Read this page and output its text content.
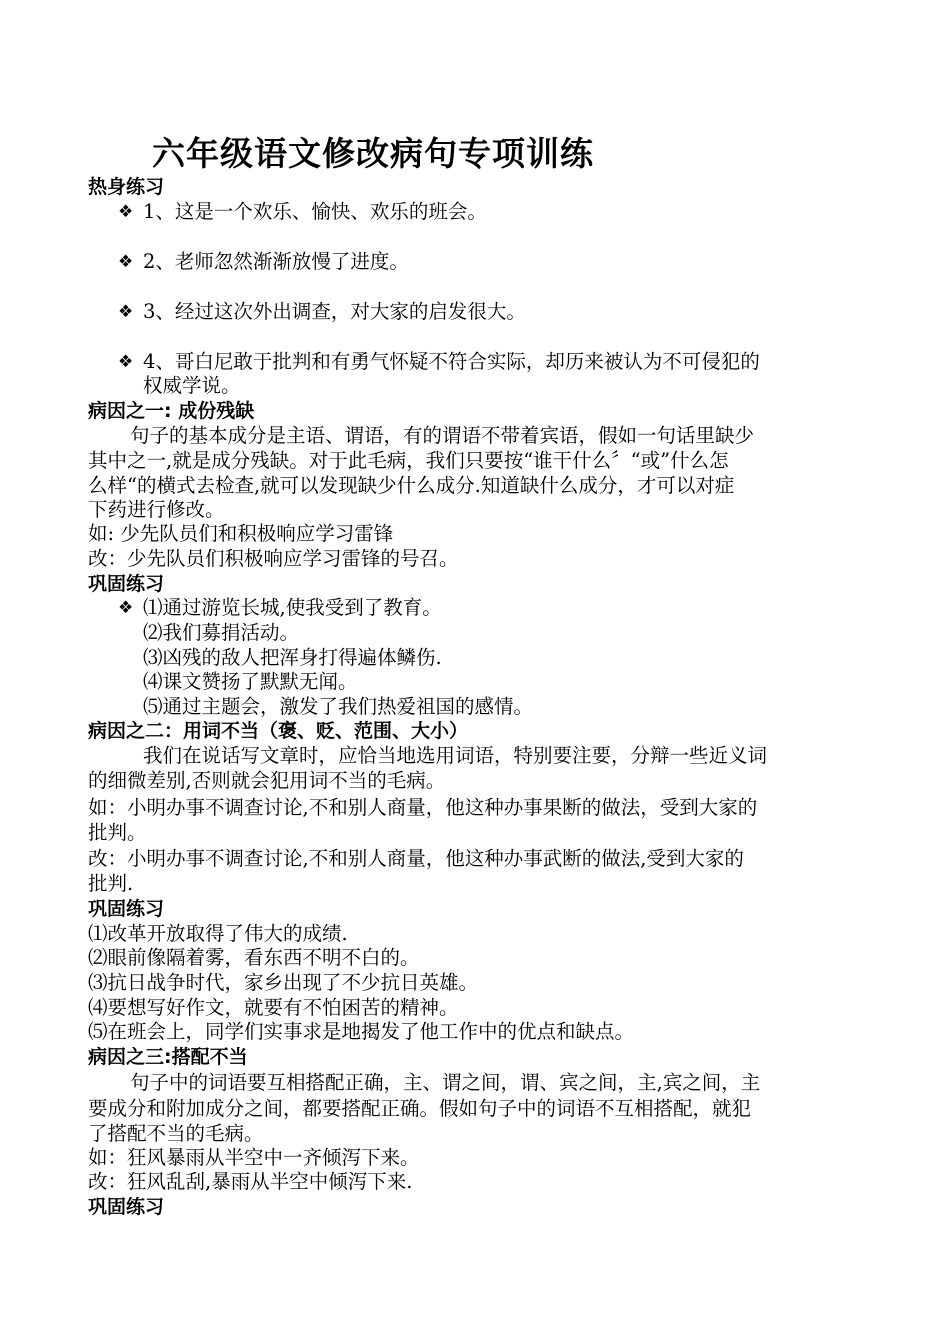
六年级语文修改病句专项训练
热身练习
❖ 1、这是一个欢乐、愉快、欢乐的班会。
❖ 2、老师忽然渐渐放慢了进度。
❖ 3、经过这次外出调查，对大家的启发很大。
❖ 4、哥白尼敢于批判和有勇气怀疑不符合实际，却历来被认为不可侵犯的
权威学说。
病因之一: 成份残缺
句子的基本成分是主语、谓语，有的谓语不带着宾语，假如一句话里缺少
其中之一,就是成分残缺。对于此毛病，我们只要按“谁干什么〞“或”什么怎
么样“的横式去检查,就可以发现缺少什么成分.知道缺什么成分，才可以对症
下药进行修改。
如: 少先队员们和积极响应学习雷锋
改：少先队员们积极响应学习雷锋的号召。
巩固练习
❖ ⑴通过游览长城,使我受到了教育。
⑵我们募捐活动。
⑶凶残的敌人把浑身打得遍体鳞伤.
⑷课文赞扬了默默无闻。
⑸通过主题会，激发了我们热爱祖国的感情。
病因之二：用词不当（褒、贬、范围、大小）
我们在说话写文章时，应恰当地选用词语，特别要注要，分辩一些近义词
的细微差别,否则就会犯用词不当的毛病。
如：小明办事不调查讨论,不和别人商量，他这种办事果断的做法，受到大家的
批判。
改：小明办事不调查讨论,不和别人商量，他这种办事武断的做法,受到大家的
批判.
巩固练习
⑴改革开放取得了伟大的成绩.
⑵眼前像隔着雾，看东西不明不白的。
⑶抗日战争时代，家乡出现了不少抗日英雄。
⑷要想写好作文，就要有不怕困苦的精神。
⑸在班会上，同学们实事求是地揭发了他工作中的优点和缺点。
病因之三:搭配不当
句子中的词语要互相搭配正确，主、谓之间，谓、宾之间，主,宾之间，主
要成分和附加成分之间，都要搭配正确。假如句子中的词语不互相搭配，就犯
了搭配不当的毛病。
如：狂风暴雨从半空中一齐倾泻下来。
改：狂风乱刮,暴雨从半空中倾泻下来.
巩固练习
